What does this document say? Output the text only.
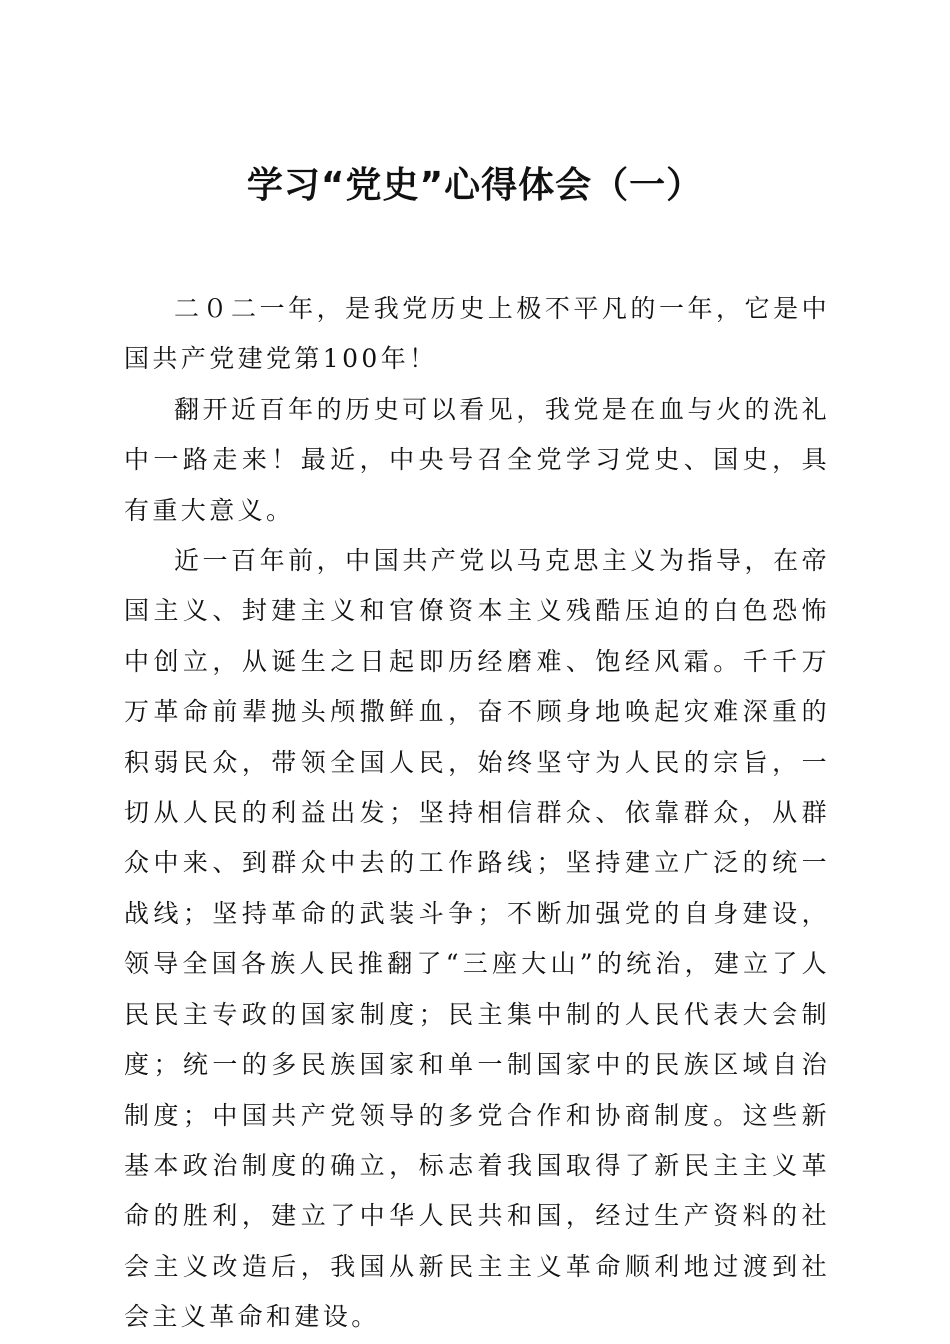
学习“党史”心得体会（一）

二０二一年，是我党历史上极不平凡的一年，它是中国共产党建党第100年！

翻开近百年的历史可以看见，我党是在血与火的洗礼中一路走来！最近，中央号召全党学习党史、国史，具有重大意义。

近一百年前，中国共产党以马克思主义为指导，在帝国主义、封建主义和官僚资本主义残酷压迫的白色恐怖中创立，从诞生之日起即历经磨难、饱经风霜。千千万万革命前辈抛头颅撒鲜血，奋不顾身地唤起灾难深重的积弱民众，带领全国人民，始终坚守为人民的宗旨，一切从人民的利益出发；坚持相信群众、依靠群众，从群众中来、到群众中去的工作路线；坚持建立广泛的统一战线；坚持革命的武装斗争；不断加强党的自身建设，领导全国各族人民推翻了“三座大山”的统治，建立了人民民主专政的国家制度；民主集中制的人民代表大会制度；统一的多民族国家和单一制国家中的民族区域自治制度；中国共产党领导的多党合作和协商制度。这些新基本政治制度的确立，标志着我国取得了新民主主义革命的胜利，建立了中华人民共和国，经过生产资料的社会主义改造后，我国从新民主主义革命顺利地过渡到社会主义革命和建设。
